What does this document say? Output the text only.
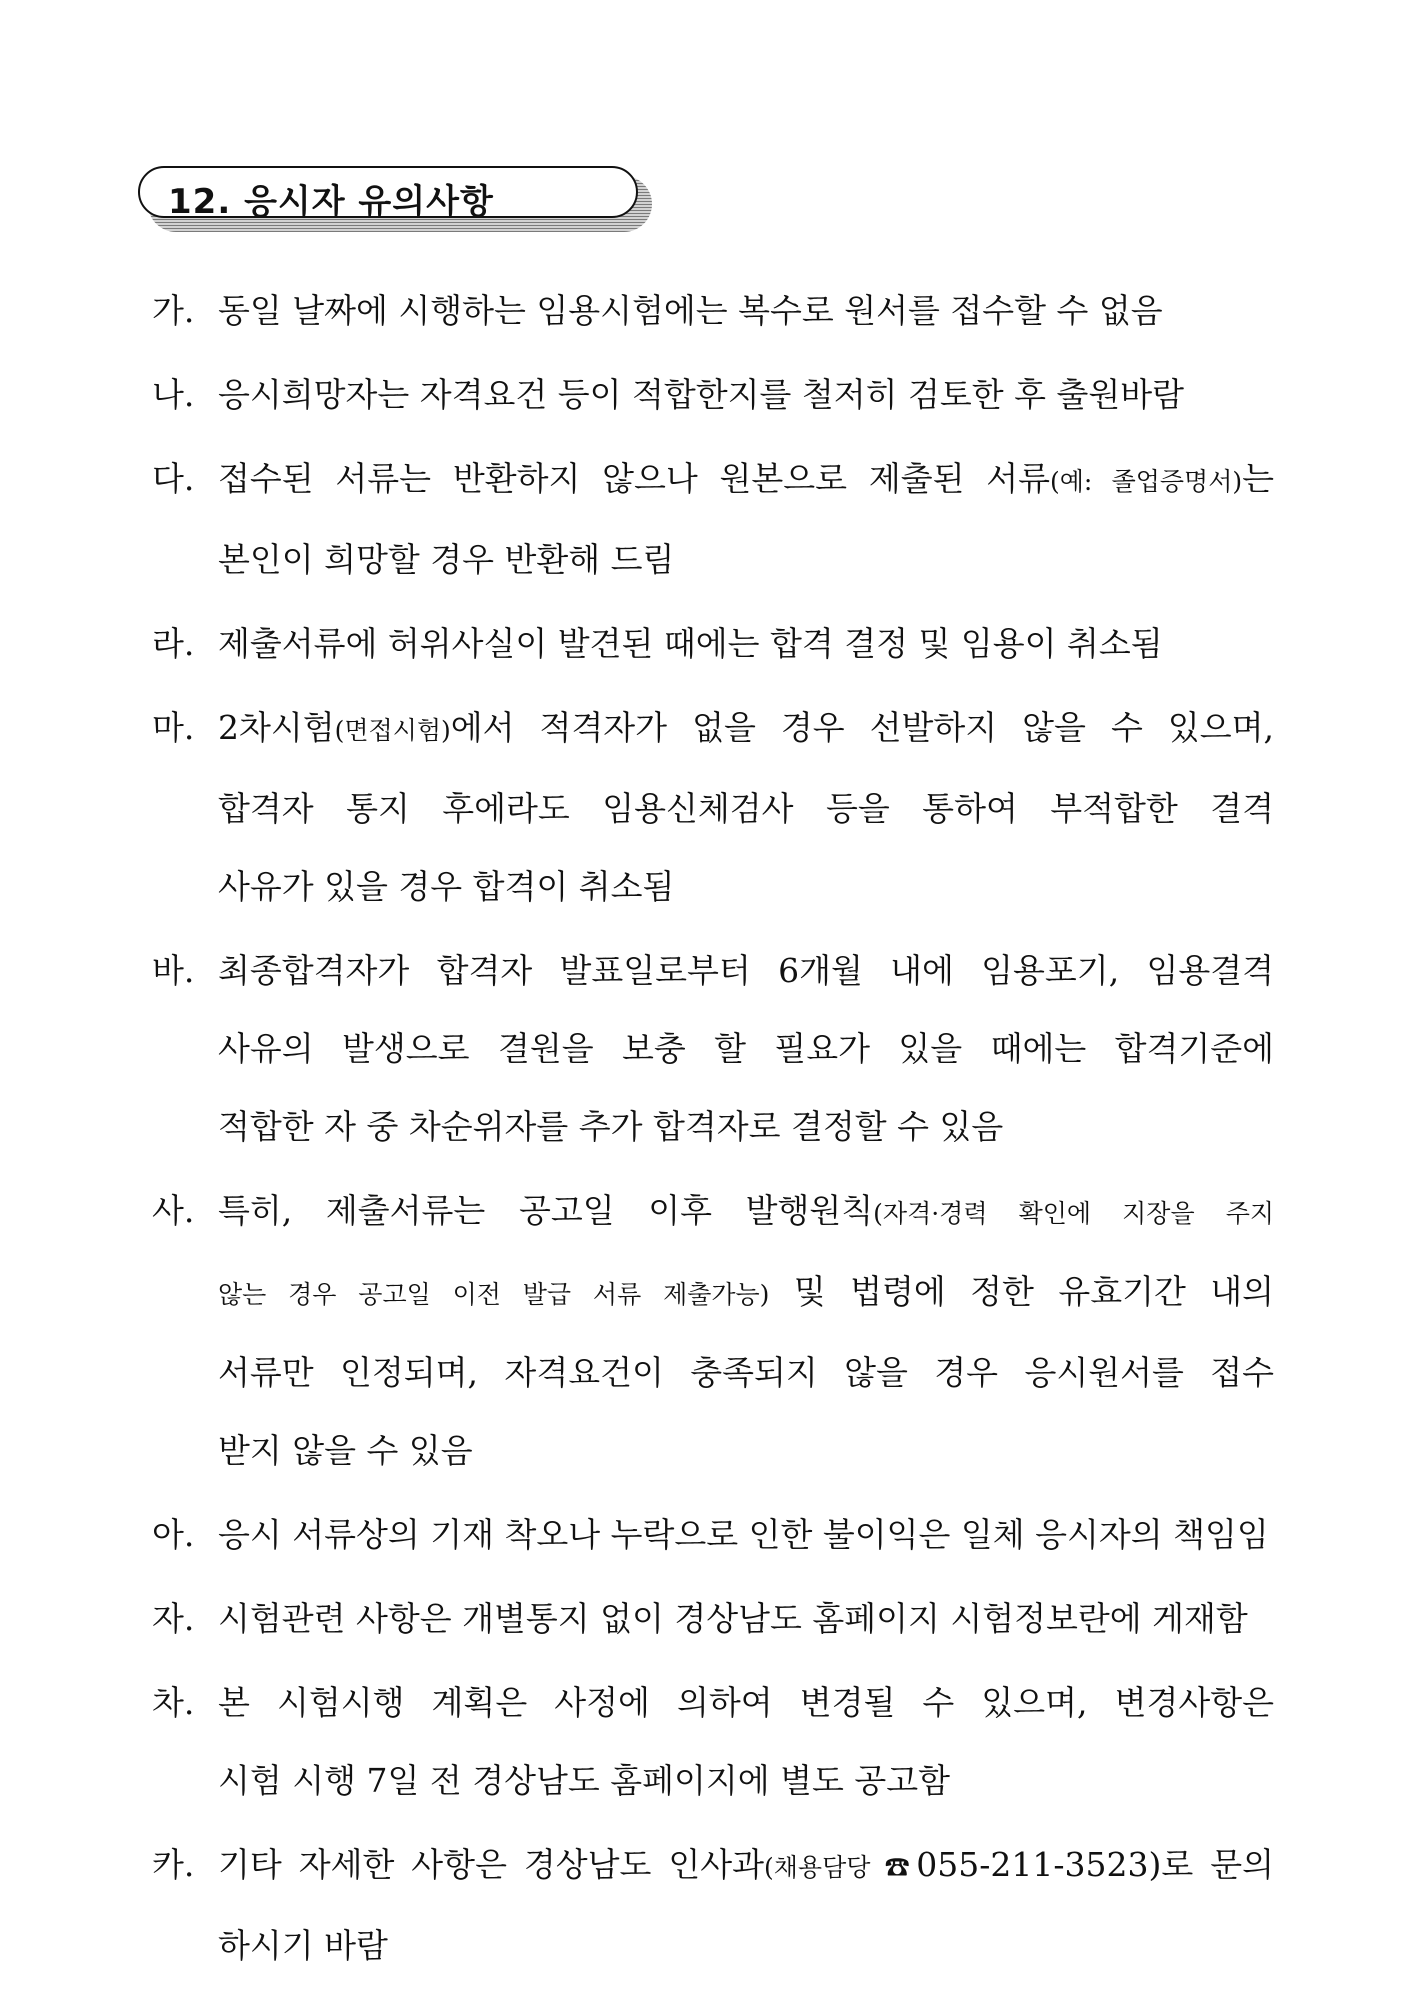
12. 응시자 유의사항
가. 동일 날짜에 시행하는 임용시험에는 복수로 원서를 접수할 수 없음
나. 응시희망자는 자격요건 등이 적합한지를 철저히 검토한 후 출원바람
다. 접수된 서류는 반환하지 않으나 원본으로 제출된 서류(예: 졸업증명서)는
본인이 희망할 경우 반환해 드림
라. 제출서류에 허위사실이 발견된 때에는 합격 결정 및 임용이 취소됨
마. 2차시험(면접시험)에서 적격자가 없을 경우 선발하지 않을 수 있으며,
합격자 통지 후에라도 임용신체검사 등을 통하여 부적합한 결격
사유가 있을 경우 합격이 취소됨
바. 최종합격자가 합격자 발표일로부터 6개월 내에 임용포기, 임용결격
사유의 발생으로 결원을 보충 할 필요가 있을 때에는 합격기준에
적합한 자 중 차순위자를 추가 합격자로 결정할 수 있음
사. 특히, 제출서류는 공고일 이후 발행원칙(자격·경력 확인에 지장을 주지
않는 경우 공고일 이전 발급 서류 제출가능) 및 법령에 정한 유효기간 내의
서류만 인정되며, 자격요건이 충족되지 않을 경우 응시원서를 접수
받지 않을 수 있음
아. 응시 서류상의 기재 착오나 누락으로 인한 불이익은 일체 응시자의 책임임
자. 시험관련 사항은 개별통지 없이 경상남도 홈페이지 시험정보란에 게재함
차. 본 시험시행 계획은 사정에 의하여 변경될 수 있으며, 변경사항은
시험 시행 7일 전 경상남도 홈페이지에 별도 공고함
카. 기타 자세한 사항은 경상남도 인사과(채용담당 ☎055-211-3523)로 문의
하시기 바람
